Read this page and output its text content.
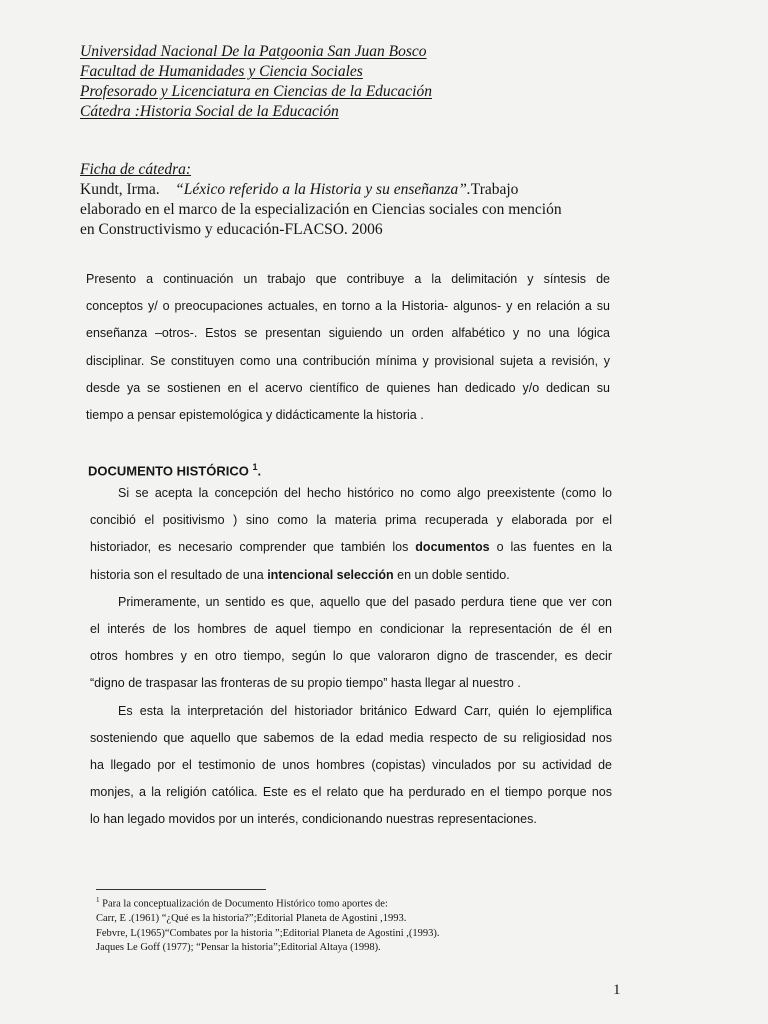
Universidad Nacional De la Patgoonia San Juan Bosco
Facultad de Humanidades y Ciencia Sociales
Profesorado y Licenciatura en Ciencias de la Educación
Cátedra :Historia Social de la Educación
Ficha de cátedra:
Kundt, Irma. “Léxico referido a la Historia y su enseñanza”.Trabajo
elaborado en el marco de la especialización en Ciencias sociales con mención
en Constructivismo y educación-FLACSO. 2006
Presento a continuación un trabajo que contribuye a la delimitación y síntesis de
conceptos y/ o preocupaciones actuales, en torno a la Historia- algunos- y en relación a su
enseñanza –otros-. Estos se presentan siguiendo un orden alfabético y no una lógica
disciplinar. Se constituyen como una contribución mínima y provisional sujeta a revisión, y
desde ya se sostienen en el acervo científico de quienes han dedicado y/o dedican su
tiempo a pensar epistemológica y didácticamente la historia .
DOCUMENTO HISTÓRICO $^1$.
Si se acepta la concepción del hecho histórico no como algo preexistente (como lo
concibió el positivismo ) sino como la materia prima recuperada y elaborada por el
historiador, es necesario comprender que también los documentos o las fuentes en la
historia son el resultado de una intencional selección en un doble sentido.
Primeramente, un sentido es que, aquello que del pasado perdura tiene que ver con
el interés de los hombres de aquel tiempo en condicionar la representación de él en
otros hombres y en otro tiempo, según lo que valoraron digno de trascender, es decir
“digno de traspasar las fronteras de su propio tiempo” hasta llegar al nuestro .
Es esta la interpretación del historiador británico Edward Carr, quién lo ejemplifica
sosteniendo que aquello que sabemos de la edad media respecto de su religiosidad nos
ha llegado por el testimonio de unos hombres (copistas) vinculados por su actividad de
monjes, a la religión católica. Este es el relato que ha perdurado en el tiempo porque nos
lo han legado movidos por un interés, condicionando nuestras representaciones.
$^1$ Para la conceptualización de Documento Histórico tomo aportes de:
Carr, E .(1961) “¿Qué es la historia?”;Editorial Planeta de Agostini ,1993.
Febvre, L(1965)“Combates por la historia ”;Editorial Planeta de Agostini ,(1993).
Jaques Le Goff (1977); “Pensar la historia”;Editorial Altaya (1998).
1
